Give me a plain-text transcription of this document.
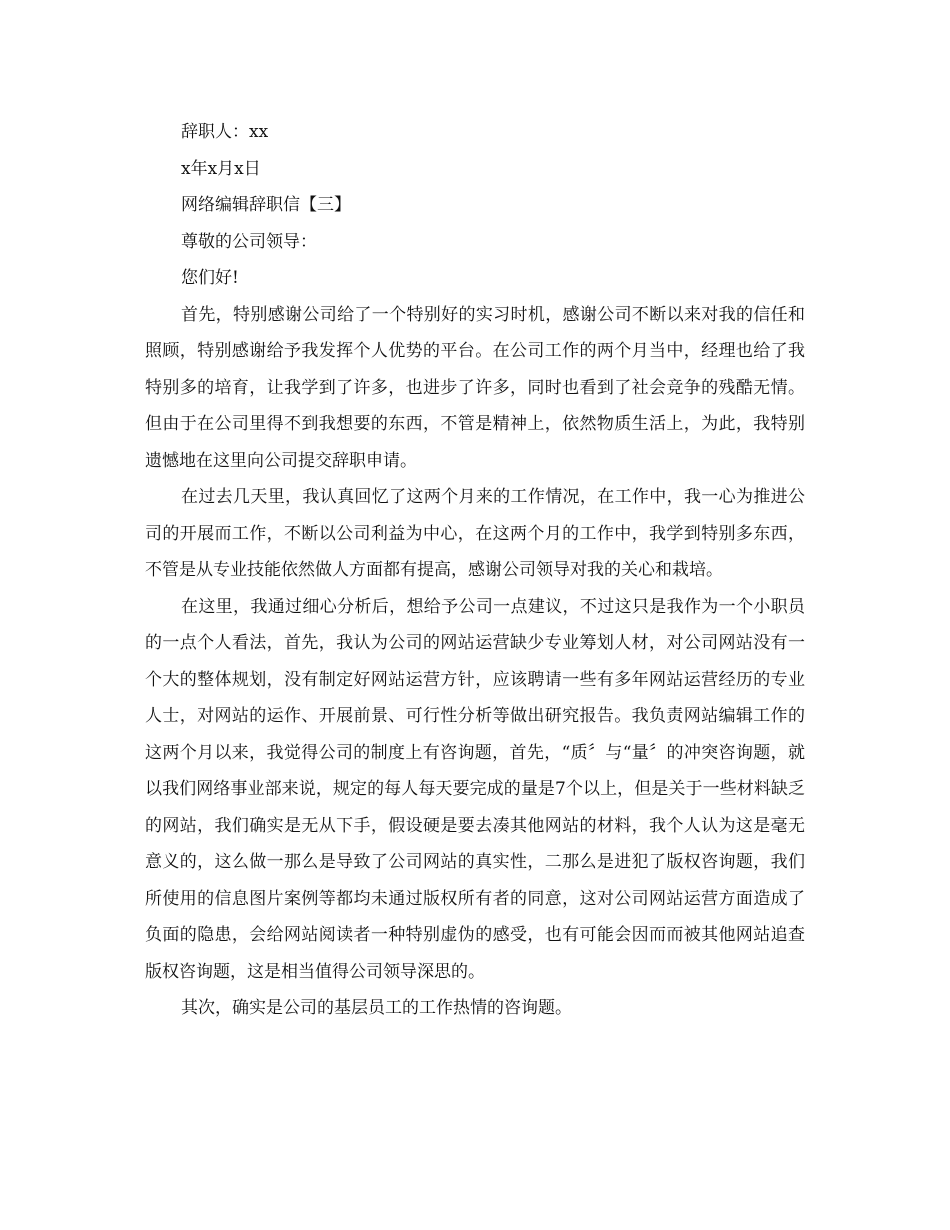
辞职人：xx

x年x月x日

网络编辑辞职信【三】

尊敬的公司领导：

您们好!

首先，特别感谢公司给了一个特别好的实习时机，感谢公司不断以来对我的信任和照顾，特别感谢给予我发挥个人优势的平台。在公司工作的两个月当中，经理也给了我特别多的培育，让我学到了许多，也进步了许多，同时也看到了社会竞争的残酷无情。但由于在公司里得不到我想要的东西，不管是精神上，依然物质生活上，为此，我特别遗憾地在这里向公司提交辞职申请。

在过去几天里，我认真回忆了这两个月来的工作情况，在工作中，我一心为推进公司的开展而工作，不断以公司利益为中心，在这两个月的工作中，我学到特别多东西，不管是从专业技能依然做人方面都有提高，感谢公司领导对我的关心和栽培。

在这里，我通过细心分析后，想给予公司一点建议，不过这只是我作为一个小职员的一点个人看法，首先，我认为公司的网站运营缺少专业筹划人材，对公司网站没有一个大的整体规划，没有制定好网站运营方针，应该聘请一些有多年网站运营经历的专业人士，对网站的运作、开展前景、可行性分析等做出研究报告。我负责网站编辑工作的这两个月以来，我觉得公司的制度上有咨询题，首先，“质〞与“量〞的冲突咨询题，就以我们网络事业部来说，规定的每人每天要完成的量是7个以上，但是关于一些材料缺乏的网站，我们确实是无从下手，假设硬是要去凑其他网站的材料，我个人认为这是毫无意义的，这么做一那么是导致了公司网站的真实性，二那么是进犯了版权咨询题，我们所使用的信息图片案例等都均未通过版权所有者的同意，这对公司网站运营方面造成了负面的隐患，会给网站阅读者一种特别虚伪的感受，也有可能会因而而被其他网站追查版权咨询题，这是相当值得公司领导深思的。

其次，确实是公司的基层员工的工作热情的咨询题。
